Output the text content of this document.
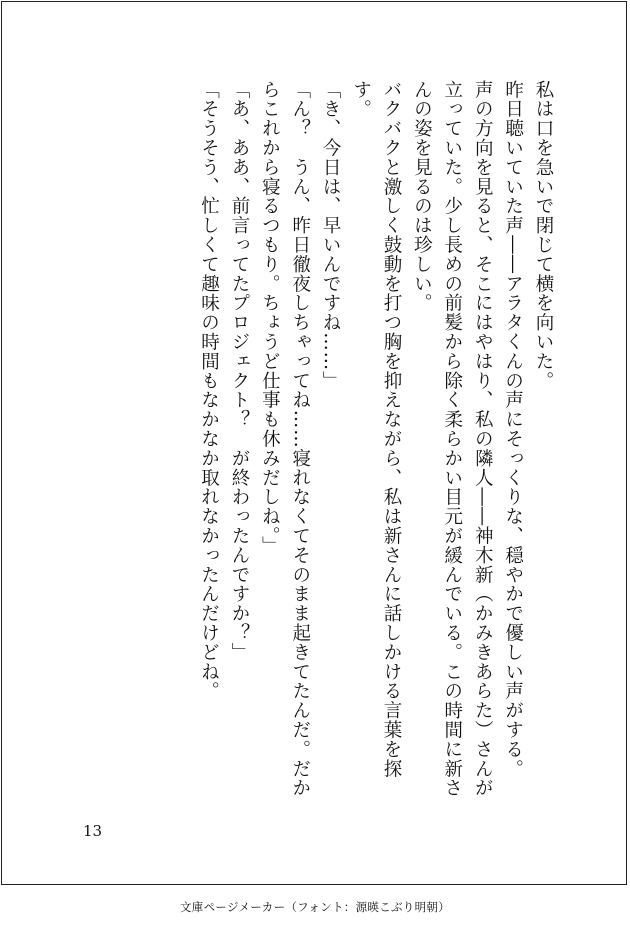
私は口を急いで閉じて横を向いた。

昨日聴いていた声――アラタくんの声にそっくりな、穏やかで優しい声がする。

声の方向を見ると、そこにはやはり、私の隣人――神木新（かみきあらた）さんが立っていた。少し長めの前髪から除く柔らかい目元が緩んでいる。この時間に新さんの姿を見るのは珍しい。

バクバクと激しく鼓動を打つ胸を抑えながら、私は新さんに話しかける言葉を探す。

「き、今日は、早いんですね……」

「ん？　うん、昨日徹夜しちゃってね……寝れなくてそのまま起きてたんだ。だからこれから寝るつもり。ちょうど仕事も休みだしね。」

「あ、ああ、前言ってたプロジェクト？　が終わったんですか？」

「そうそう、忙しくて趣味の時間もなかなか取れなかったんだけどね。

13
文庫ページメーカー（フォント：源暎こぶり明朝）
